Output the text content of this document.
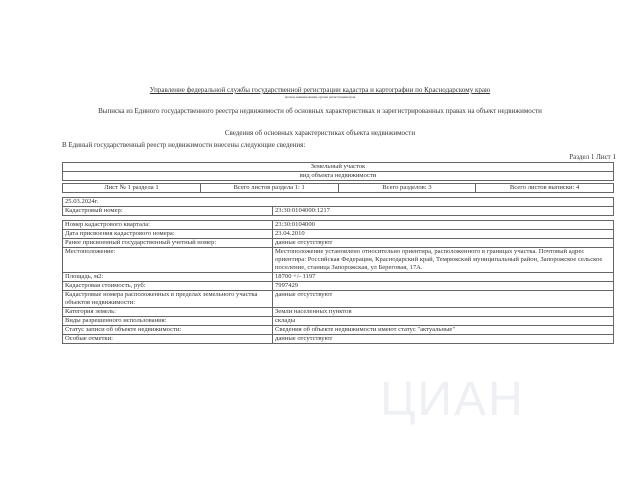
ЦИАН
Управление федеральной службы государственной регистрации кадастра и картографии по Краснодарскому краю
полное наименование органа регистрации прав
Выписка из Единого государственного реестра недвижимости об основных характеристиках и зарегистрированных правах на объект недвижимости
Сведения об основных характеристиках объекта недвижимости
В Единый государственный реестр недвижимости внесены следующие сведения:
Раздел 1 Лист 1
Земельный участок
вид объекта недвижимости
Лист № 1 раздела 1	Всего листов раздела 1: 1	Всего разделов: 3	Всего листов выписки: 4
25.03.2024г.
Кадастровый номер:	23:30:0104000:1217
Номер кадастрового квартала:	23:30:0104000
Дата присвоения кадастрового номера:	23.04.2010
Ранее присвоенный государственный учетный номер:	данные отсутствуют
Местоположение:	Местоположение установлено относительно ориентира, расположенного в границах участка. Почтовый адрес ориентира: Российская Федерация, Краснодарский край, Темрюкский муниципальный район, Запорожское сельское поселение, станица Запорожская, ул Береговая, 17А.
Площадь, м2:	18700 +/- 1197
Кадастровая стоимость, руб:	7997429
Кадастровые номера расположенных в пределах земельного участка объектов недвижимости:	данные отсутствуют
Категория земель:	Земли населенных пунктов
Виды разрешенного использования:	склады
Статус записи об объекте недвижимости:	Сведения об объекте недвижимости имеют статус "актуальные"
Особые отметки:	данные отсутствуют
